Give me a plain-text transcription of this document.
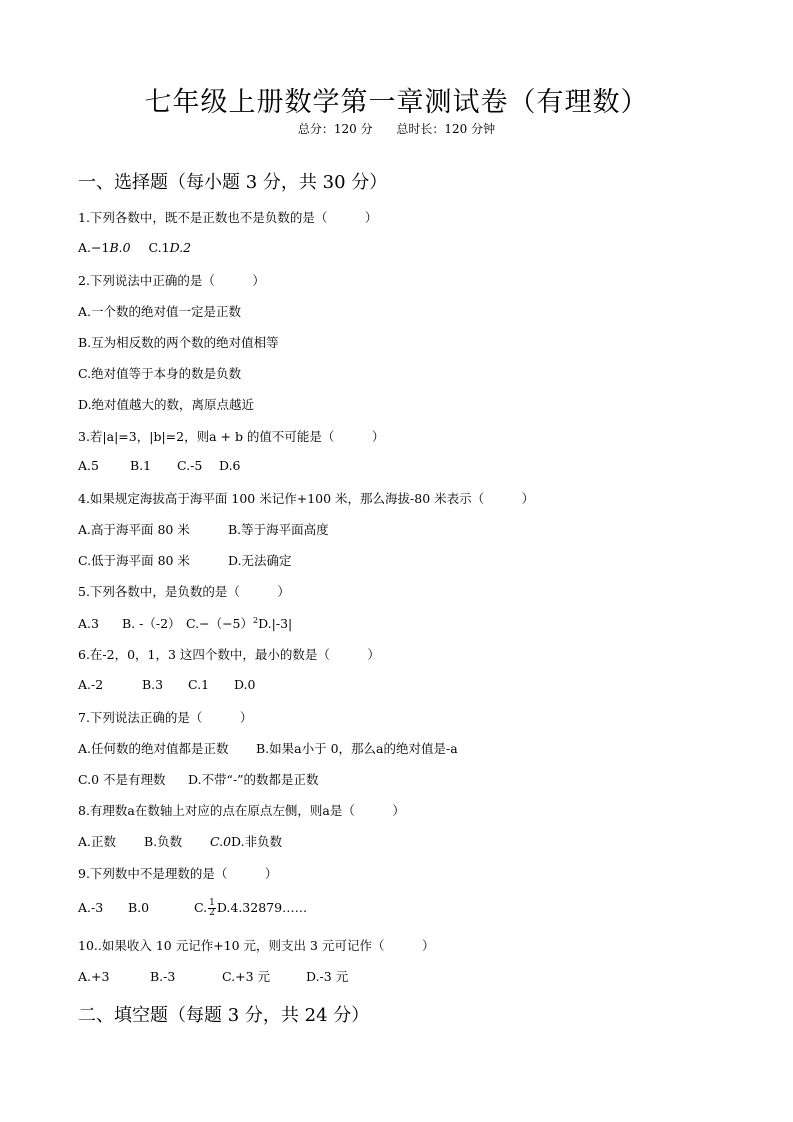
七年级上册数学第一章测试卷（有理数）
总分：120 分 总时长：120 分钟
一、选择题（每小题 3 分，共 30 分）
1.下列各数中，既不是正数也不是负数的是（　　　）
A.−1B.0 C.1D.2
2.下列说法中正确的是（　　　）
A.一个数的绝对值一定是正数
B.互为相反数的两个数的绝对值相等
C.绝对值等于本身的数是负数
D.绝对值越大的数，离原点越近
3.若|a|=3，|b|=2，则a + b 的值不可能是（　　　）
A.5 B.1 C.-5 D.6
4.如果规定海拔高于海平面 100 米记作+100 米，那么海拔-80 米表示（　　　）
A.高于海平面 80 米	B.等于海平面高度
C.低于海平面 80 米	D.无法确定
5.下列各数中，是负数的是（　　　）
A.3 B. -（-2） $C.-(-5)^2D.|-3|$
6.在-2，0，1，3 这四个数中，最小的数是（　　　）
A.-2	B.3 C.1 D.0
7.下列说法正确的是（　　　）
A.任何数的绝对值都是正数 B.如果a小于 0，那么a的绝对值是-a
C.0 不是有理数 D.不带“-”的数都是正数
8.有理数a在数轴上对应的点在原点左侧，则a是（　　　）
A.正数 B.负数 C.0D.非负数
9.下列数中不是理数的是（　　　）
A.-3 B.0	C. $\frac{1}{2}$ D.4.32879……
10..如果收入 10 元记作+10 元，则支出 3 元可记作（　　　）
A.+3	B.-3	C.+3 元	D.-3 元
二、填空题（每题 3 分，共 24 分）
